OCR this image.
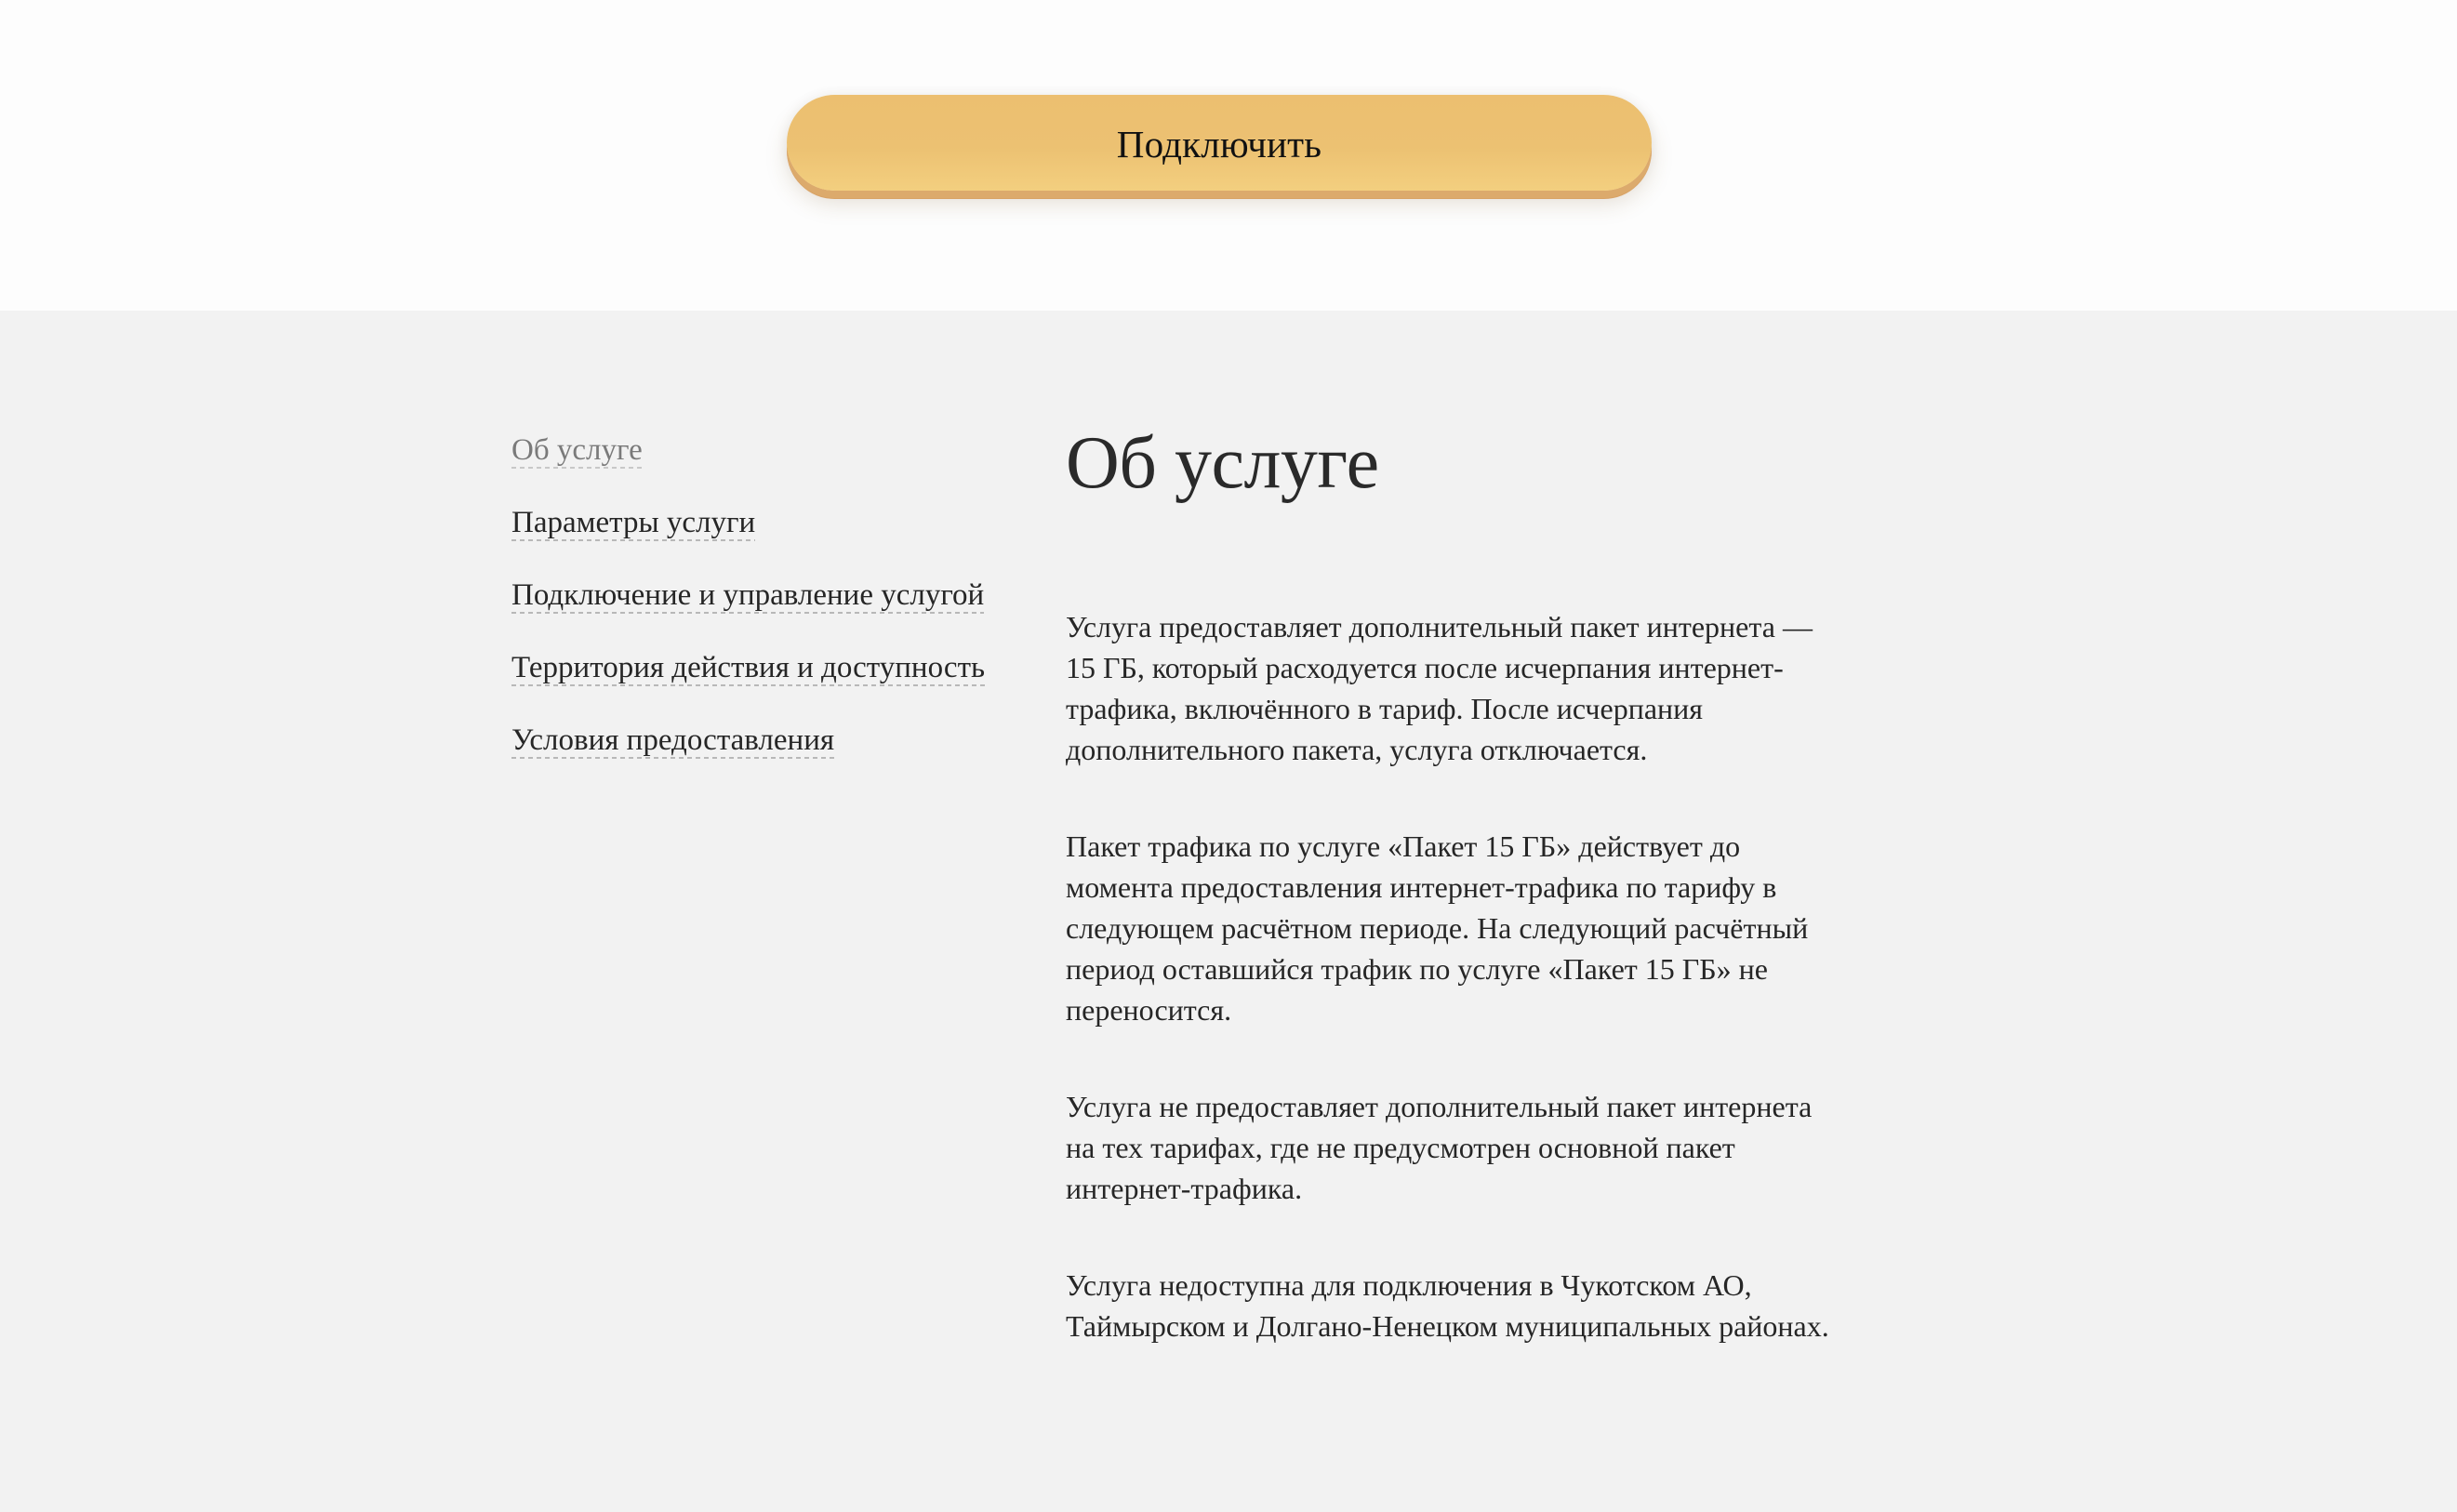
Подключить
Об услуге
Параметры услуги
Подключение и управление услугой
Территория действия и доступность
Условия предоставления
Об услуге

Услуга предоставляет дополнительный пакет интернета —
15 ГБ, который расходуется после исчерпания интернет-
трафика, включённого в тариф. После исчерпания
дополнительного пакета, услуга отключается.

Пакет трафика по услуге «Пакет 15 ГБ» действует до
момента предоставления интернет-трафика по тарифу в
следующем расчётном периоде. На следующий расчётный
период оставшийся трафик по услуге «Пакет 15 ГБ» не
переносится.

Услуга не предоставляет дополнительный пакет интернета
на тех тарифах, где не предусмотрен основной пакет
интернет-трафика.

Услуга недоступна для подключения в Чукотском АО,
Таймырском и Долгано-Ненецком муниципальных районах.
